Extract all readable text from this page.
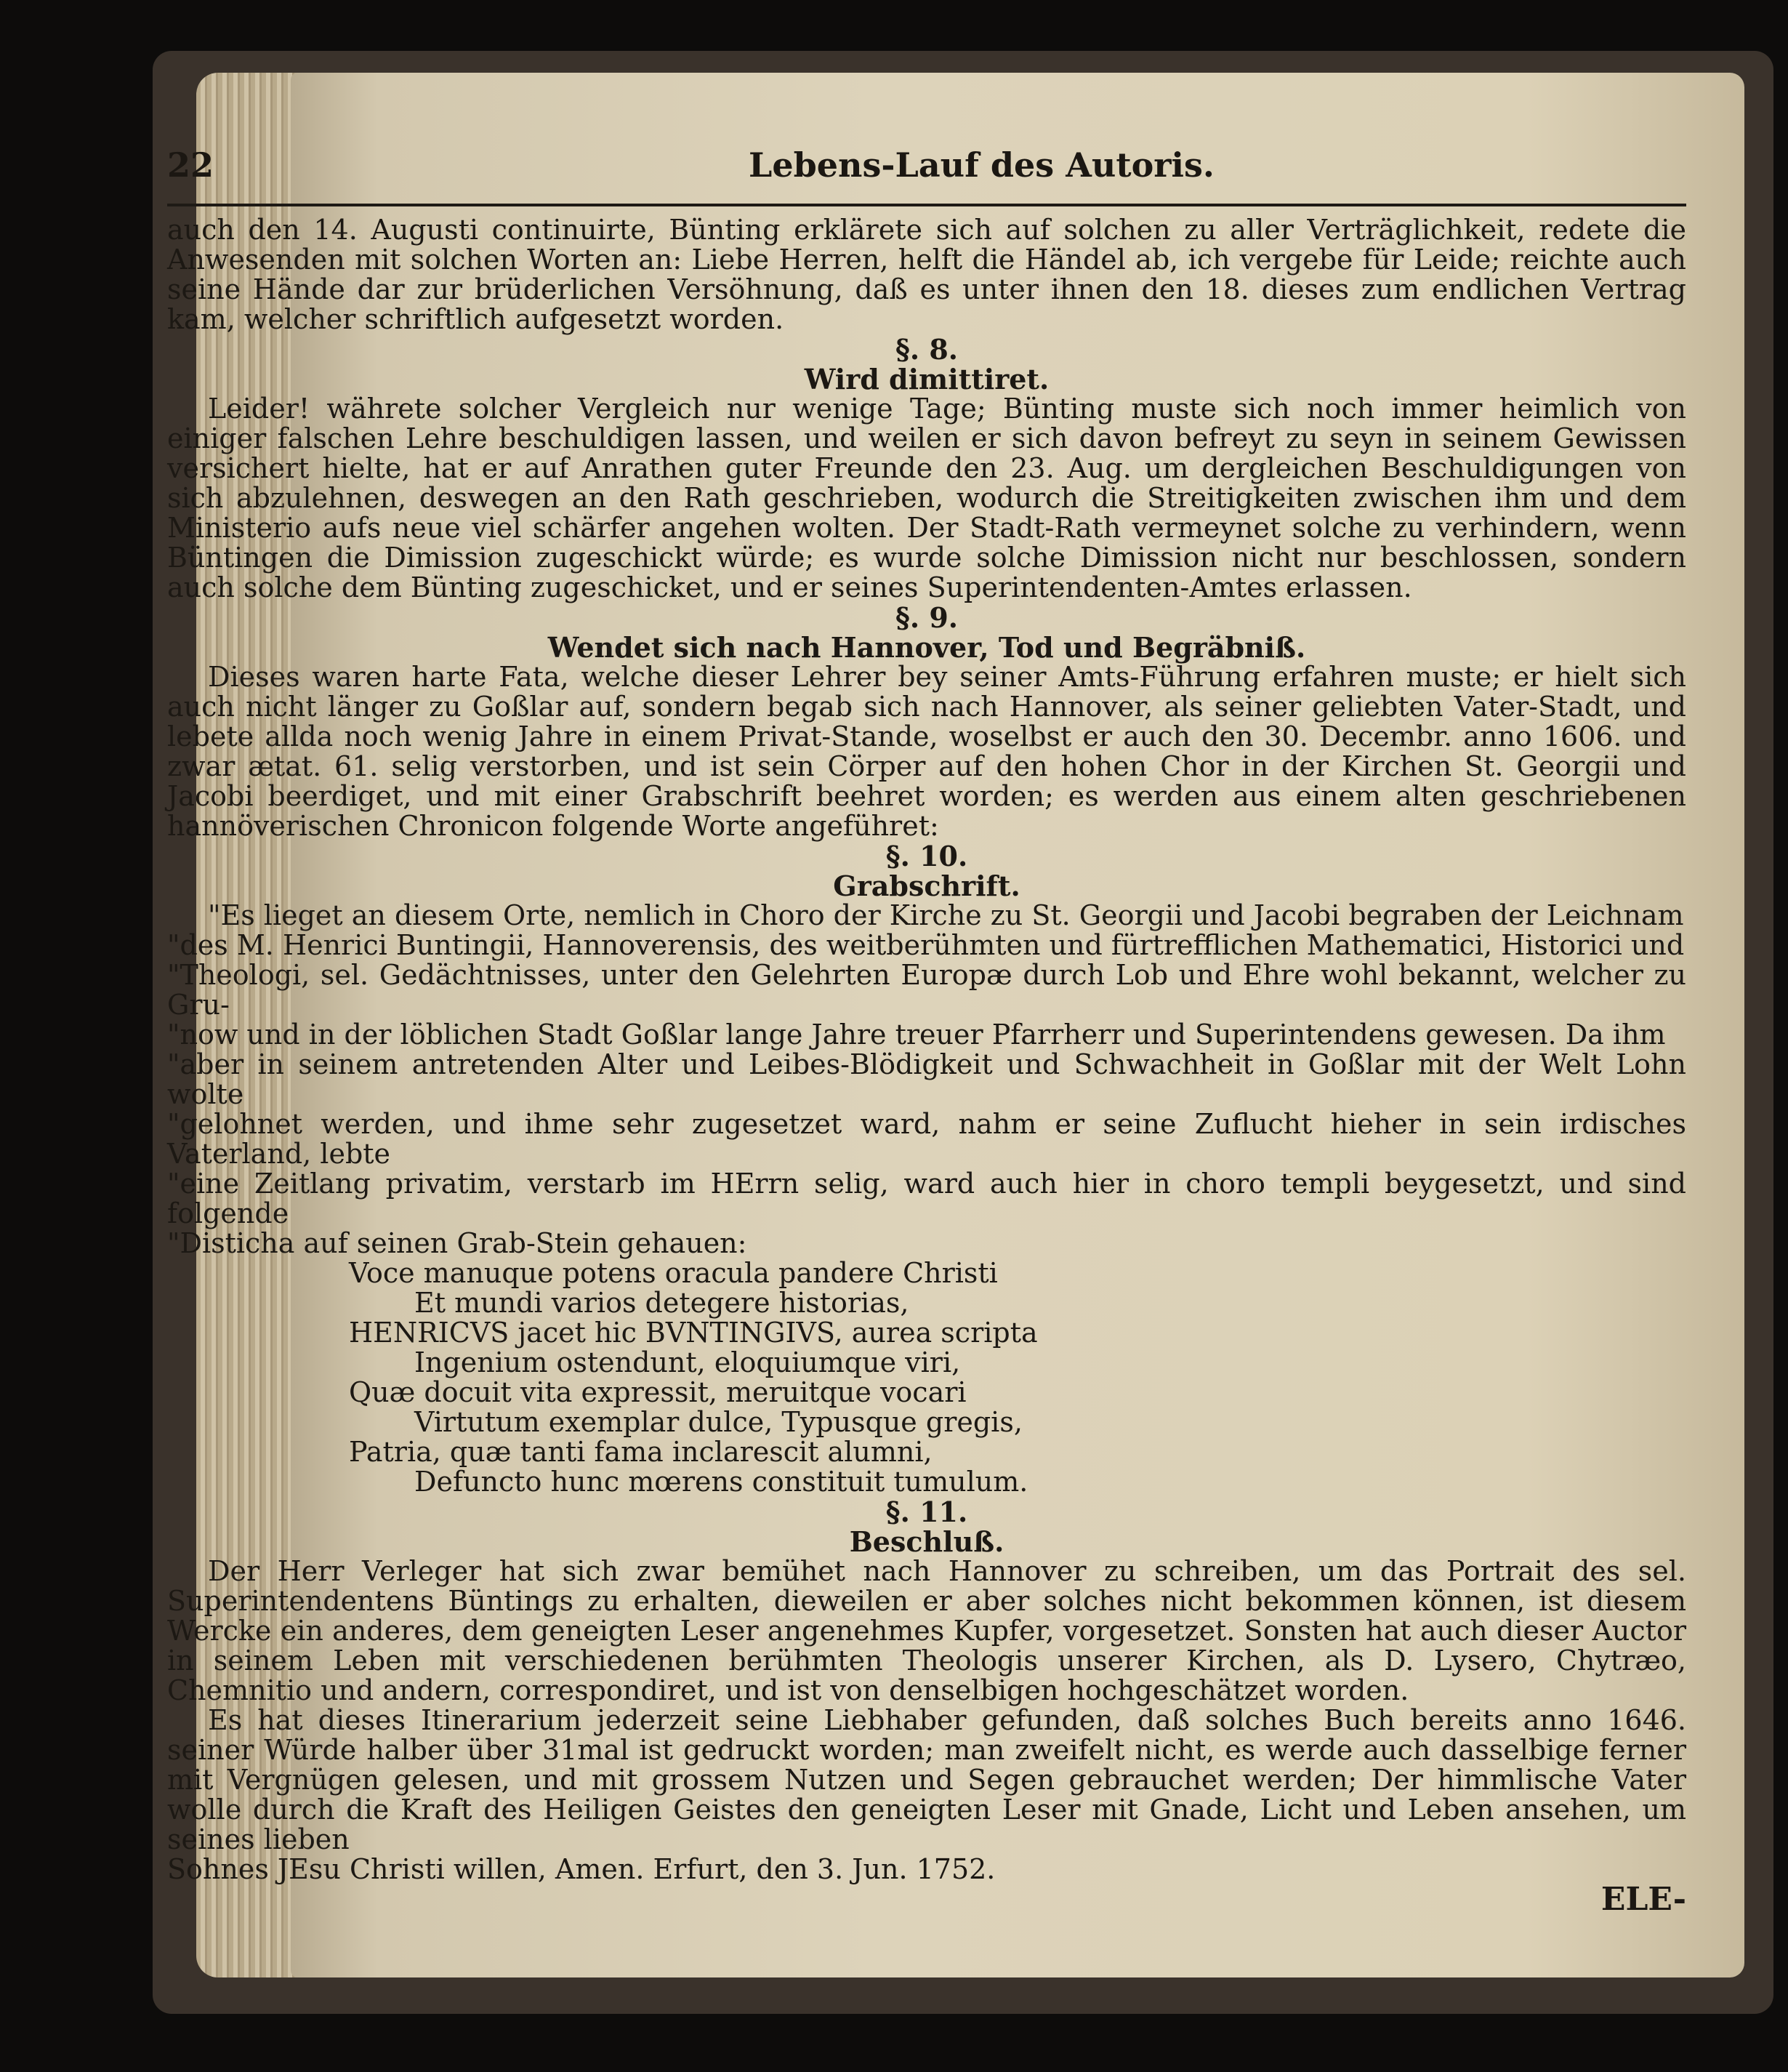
22	Lebens-Lauf des Autoris.

auch den 14. Augusti continuirte, Bünting erklärete sich auf solchen zu aller Verträglichkeit, redete die Anwesenden mit solchen Worten an: Liebe Herren, helft die Händel ab, ich vergebe für Leide; reichte auch seine Hände dar zur brüderlichen Versöhnung, daß es unter ihnen den 18. dieses zum endlichen Vertrag kam, welcher schriftlich aufgesetzt worden.

§. 8.

Wird dimittiret.

Leider! währete solcher Vergleich nur wenige Tage; Bünting muste sich noch immer heimlich von einiger falschen Lehre beschuldigen lassen, und weilen er sich davon befreyt zu seyn in seinem Gewissen versichert hielte, hat er auf Anrathen guter Freunde den 23. Aug. um dergleichen Beschuldigungen von sich abzulehnen, deswegen an den Rath geschrieben, wodurch die Streitigkeiten zwischen ihm und dem Ministerio aufs neue viel schärfer angehen wolten. Der Stadt-Rath vermeynet solche zu verhindern, wenn Büntingen die Dimission zugeschickt würde; es wurde solche Dimission nicht nur beschlossen, sondern auch solche dem Bünting zugeschicket, und er seines Superintendenten-Amtes erlassen.

§. 9.

Wendet sich nach Hannover, Tod und Begräbniß.

Dieses waren harte Fata, welche dieser Lehrer bey seiner Amts-Führung erfahren muste; er hielt sich auch nicht länger zu Goßlar auf, sondern begab sich nach Hannover, als seiner geliebten Vater-Stadt, und lebete allda noch wenig Jahre in einem Privat-Stande, woselbst er auch den 30. Decembr. anno 1606. und zwar ætat. 61. selig verstorben, und ist sein Cörper auf den hohen Chor in der Kirchen St. Georgii und Jacobi beerdiget, und mit einer Grabschrift beehret worden; es werden aus einem alten geschriebenen hannöverischen Chronicon folgende Worte angeführet:

§. 10.

Grabschrift.

"Es lieget an diesem Orte, nemlich in Choro der Kirche zu St. Georgii und Jacobi begraben der Leichnam

"des M. Henrici Buntingii, Hannoverensis, des weitberühmten und fürtrefflichen Mathematici, Historici und

"Theologi, sel. Gedächtnisses, unter den Gelehrten Europæ durch Lob und Ehre wohl bekannt, welcher zu Gru-

"now und in der löblichen Stadt Goßlar lange Jahre treuer Pfarrherr und Superintendens gewesen. Da ihm

"aber in seinem antretenden Alter und Leibes-Blödigkeit und Schwachheit in Goßlar mit der Welt Lohn wolte

"gelohnet werden, und ihme sehr zugesetzet ward, nahm er seine Zuflucht hieher in sein irdisches Vaterland, lebte

"eine Zeitlang privatim, verstarb im HErrn selig, ward auch hier in choro templi beygesetzt, und sind folgende

"Disticha auf seinen Grab-Stein gehauen:

Voce manuque potens oracula pandere Christi
Et mundi varios detegere historias,
HENRICVS jacet hic BVNTINGIVS, aurea scripta
Ingenium ostendunt, eloquiumque viri,
Quæ docuit vita expressit, meruitque vocari
Virtutum exemplar dulce, Typusque gregis,
Patria, quæ tanti fama inclarescit alumni,
Defuncto hunc mœrens constituit tumulum.

§. 11.

Beschluß.

Der Herr Verleger hat sich zwar bemühet nach Hannover zu schreiben, um das Portrait des sel. Superintendentens Büntings zu erhalten, dieweilen er aber solches nicht bekommen können, ist diesem Wercke ein anderes, dem geneigten Leser angenehmes Kupfer, vorgesetzet. Sonsten hat auch dieser Auctor in seinem Leben mit verschiedenen berühmten Theologis unserer Kirchen, als D. Lysero, Chytræo, Chemnitio und andern, correspondiret, und ist von denselbigen hochgeschätzet worden.

Es hat dieses Itinerarium jederzeit seine Liebhaber gefunden, daß solches Buch bereits anno 1646. seiner Würde halber über 31mal ist gedruckt worden; man zweifelt nicht, es werde auch dasselbige ferner mit Vergnügen gelesen, und mit grossem Nutzen und Segen gebrauchet werden; Der himmlische Vater wolle durch die Kraft des Heiligen Geistes den geneigten Leser mit Gnade, Licht und Leben ansehen, um seines lieben

Sohnes JEsu Christi willen, Amen. Erfurt, den 3. Jun. 1752.

ELE-
